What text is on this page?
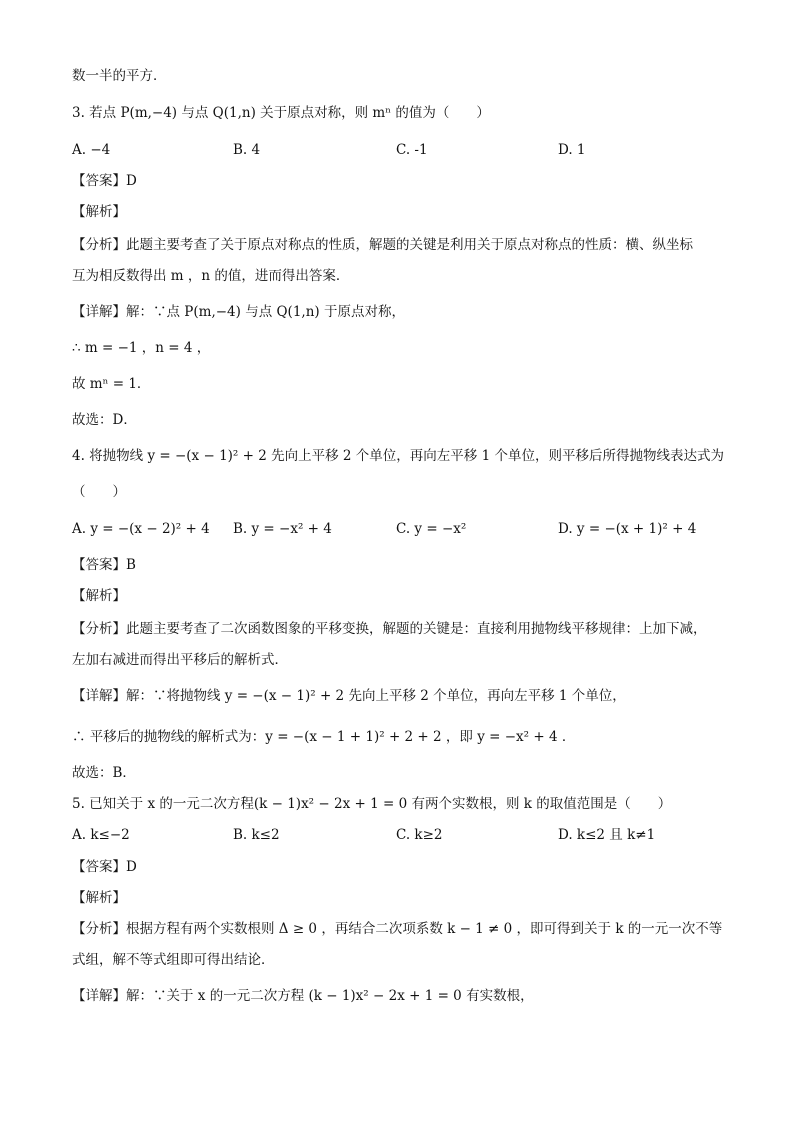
数一半的平方．
3. 若点 P(m,−4) 与点 Q(1,n) 关于原点对称，则 mⁿ 的值为（　　）
A. −4	B. 4	C. -1	D. 1
【答案】D
【解析】
【分析】此题主要考查了关于原点对称点的性质，解题的关键是利用关于原点对称点的性质：横、纵坐标
互为相反数得出 m ，n 的值，进而得出答案．
【详解】解：∵点 P(m,−4) 与点 Q(1,n) 于原点对称，
∴ m = −1 ，n = 4 ，
故 mⁿ = 1．
故选：D．
4. 将抛物线 y = −(x − 1)² + 2 先向上平移 2 个单位，再向左平移 1 个单位，则平移后所得抛物线表达式为
（　　）
A. y = −(x − 2)² + 4 B. y = −x² + 4	C. y = −x²	D. y = −(x + 1)² + 4
【答案】B
【解析】
【分析】此题主要考查了二次函数图象的平移变换，解题的关键是：直接利用抛物线平移规律：上加下减，
左加右减进而得出平移后的解析式．
【详解】解：∵将抛物线 y = −(x − 1)² + 2 先向上平移 2 个单位，再向左平移 1 个单位，
∴ 平移后的抛物线的解析式为：y = −(x − 1 + 1)² + 2 + 2 ，即 y = −x² + 4 ．
故选：B．
5. 已知关于 x 的一元二次方程(k − 1)x² − 2x + 1 = 0 有两个实数根，则 k 的取值范围是（　　）
A. k≤−2	B. k≤2	C. k≥2	D. k≤2 且 k≠1
【答案】D
【解析】
【分析】根据方程有两个实数根则 Δ ≥ 0 ，再结合二次项系数 k − 1 ≠ 0 ，即可得到关于 k 的一元一次不等
式组，解不等式组即可得出结论．
【详解】解：∵关于 x 的一元二次方程 (k − 1)x² − 2x + 1 = 0 有实数根，
